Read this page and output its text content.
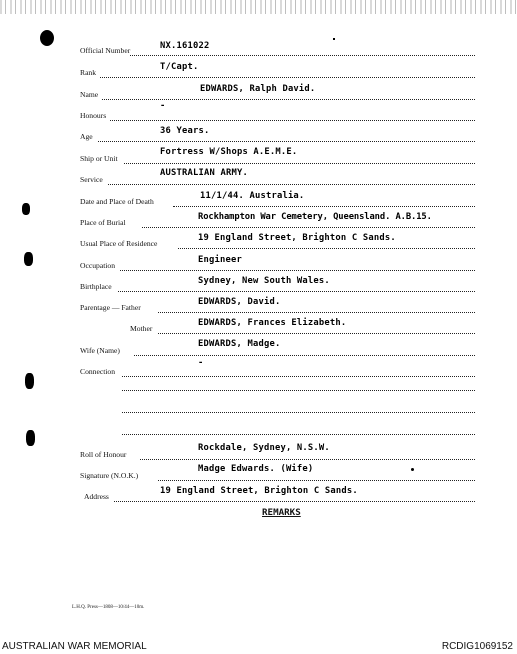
Official Number	NX.161022
Rank
T/Capt.
Name
EDWARDS, Ralph David.
Honours
-
Age
36 Years.
Ship or Unit
Fortress W/Shops A.E.M.E.
Service
AUSTRALIAN ARMY.
Date and Place of Death
11/1/44. Australia.
Place of Burial
Rockhampton War Cemetery, Queensland. A.B.15.
Usual Place of Residence
19 England Street, Brighton C Sands.
Occupation
Engineer
Birthplace
Sydney, New South Wales.
Parentage — Father
EDWARDS, David.
Mother
EDWARDS, Frances Elizabeth.
Wife (Name)
EDWARDS, Madge.
Connection
-
Roll of Honour
Rockdale, Sydney, N.S.W.
Signature (N.O.K.)
Madge Edwards. (Wife)
Address
19 England Street, Brighton C Sands.
REMARKS
L.H.Q. Press—1808—10/44—10m.
AUSTRALIAN WAR MEMORIAL	RCDIG1069152
